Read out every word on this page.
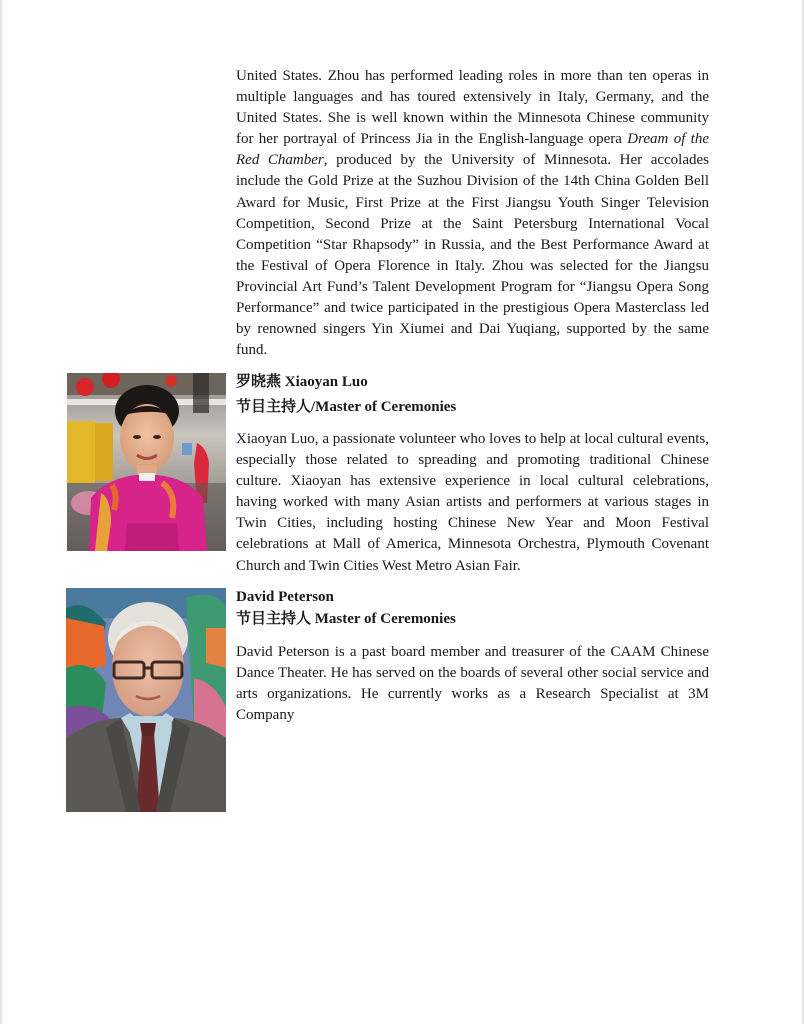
United States. Zhou has performed leading roles in more than ten operas in multiple languages and has toured extensively in Italy, Germany, and the United States. She is well known within the Minnesota Chinese community for her portrayal of Princess Jia in the English-language opera Dream of the Red Chamber, produced by the University of Minnesota. Her accolades include the Gold Prize at the Suzhou Division of the 14th China Golden Bell Award for Music, First Prize at the First Jiangsu Youth Singer Television Competition, Second Prize at the Saint Petersburg International Vocal Competition “Star Rhapsody” in Russia, and the Best Performance Award at the Festival of Opera Florence in Italy. Zhou was selected for the Jiangsu Provincial Art Fund’s Talent Development Program for “Jiangsu Opera Song Performance” and twice participated in the prestigious Opera Masterclass led by renowned singers Yin Xiumei and Dai Yuqiang, supported by the same fund.

罗晓燕 Xiaoyan Luo

节目主持人/Master of Ceremonies

Xiaoyan Luo, a passionate volunteer who loves to help at local cultural events, especially those related to spreading and promoting traditional Chinese culture. Xiaoyan has extensive experience in local cultural celebrations, having worked with many Asian artists and performers at various stages in Twin Cities, including hosting Chinese New Year and Moon Festival celebrations at Mall of America, Minnesota Orchestra, Plymouth Covenant Church and Twin Cities West Metro Asian Fair.

David Peterson

节目主持人 Master of Ceremonies

David Peterson is a past board member and treasurer of the CAAM Chinese Dance Theater. He has served on the boards of several other social service and arts organizations. He currently works as a Research Specialist at 3M Company
